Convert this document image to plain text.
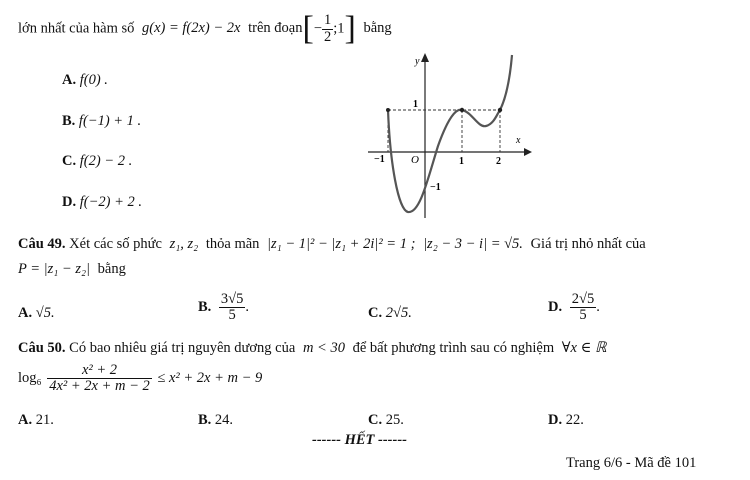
lớn nhất của hàm số g(x) = f(2x) − 2x trên đoạn[− $\frac{1}{2}$ ;1] bằng
A. f(0) .
B. f(−1) + 1 .
C. f(2) − 2 .
D. f(−2) + 2 .
y
x
O
−1	1	2
1
−1
Câu 49. Xét các số phức z₁, z₂ thỏa mãn |z₁ − 1|² − |z₁ + 2i|² = 1 ; |z₂ − 3 − i| = √5. Giá trị nhỏ nhất của
P = |z₁ − z₂| bằng
A. √5.	B. $\frac{3√5}{5}$ .	C. 2√5.	D. $\frac{2√5}{5}$ .
Câu 50. Có bao nhiêu giá trị nguyên dương của m < 30 để bất phương trình sau có nghiệm ∀x ∈ ℝ
$\log_6 \frac{\text{x² + 2}}{\text{4x² + 2x + m − 2}} \le x^2 + 2x + m - 9$
A. 21.	B. 24.	C. 25.	D. 22.
------ HẾT ------
Trang 6/6 - Mã đề 101
